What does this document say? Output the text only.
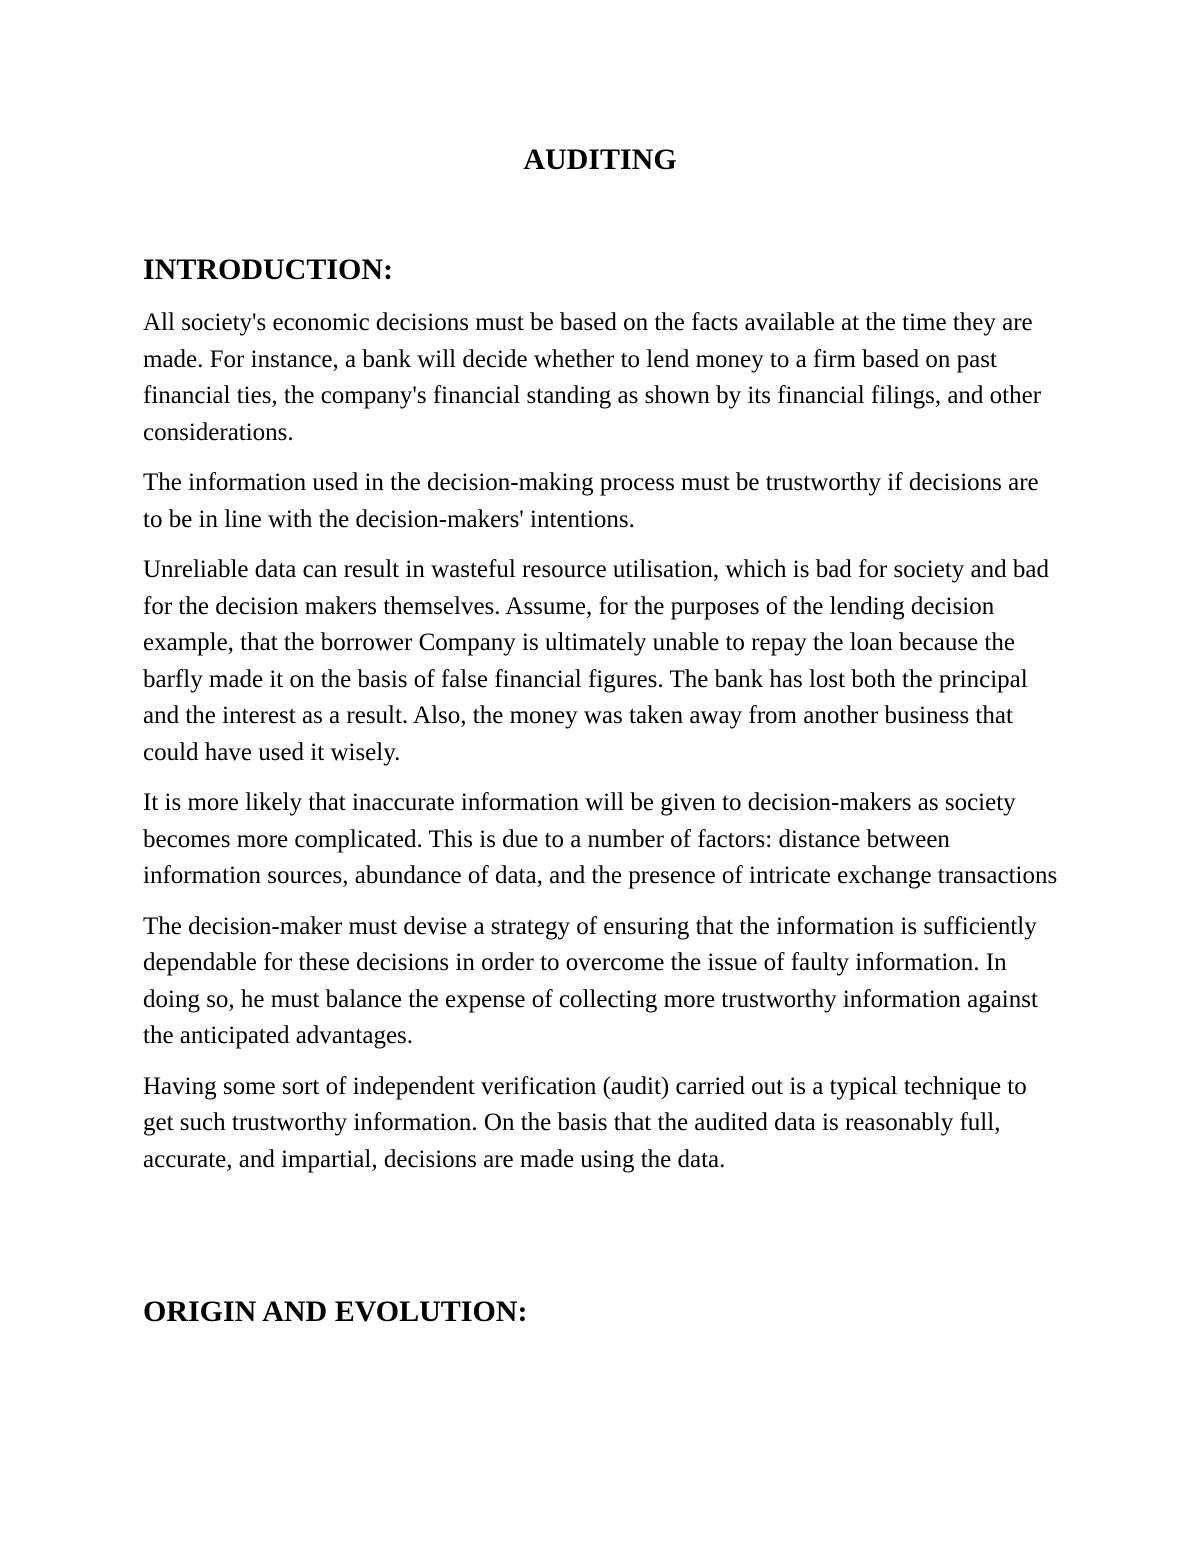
AUDITING
INTRODUCTION:

All society's economic decisions must be based on the facts available at the time they are made. For instance, a bank will decide whether to lend money to a firm based on past financial ties, the company's financial standing as shown by its financial filings, and other considerations.

The information used in the decision-making process must be trustworthy if decisions are to be in line with the decision-makers' intentions.

Unreliable data can result in wasteful resource utilisation, which is bad for society and bad for the decision makers themselves. Assume, for the purposes of the lending decision example, that the borrower Company is ultimately unable to repay the loan because the barfly made it on the basis of false financial figures. The bank has lost both the principal and the interest as a result. Also, the money was taken away from another business that could have used it wisely.

It is more likely that inaccurate information will be given to decision-makers as society becomes more complicated. This is due to a number of factors: distance between information sources, abundance of data, and the presence of intricate exchange transactions

The decision-maker must devise a strategy of ensuring that the information is sufficiently dependable for these decisions in order to overcome the issue of faulty information. In doing so, he must balance the expense of collecting more trustworthy information against the anticipated advantages.

Having some sort of independent verification (audit) carried out is a typical technique to get such trustworthy information. On the basis that the audited data is reasonably full, accurate, and impartial, decisions are made using the data.

ORIGIN AND EVOLUTION:
